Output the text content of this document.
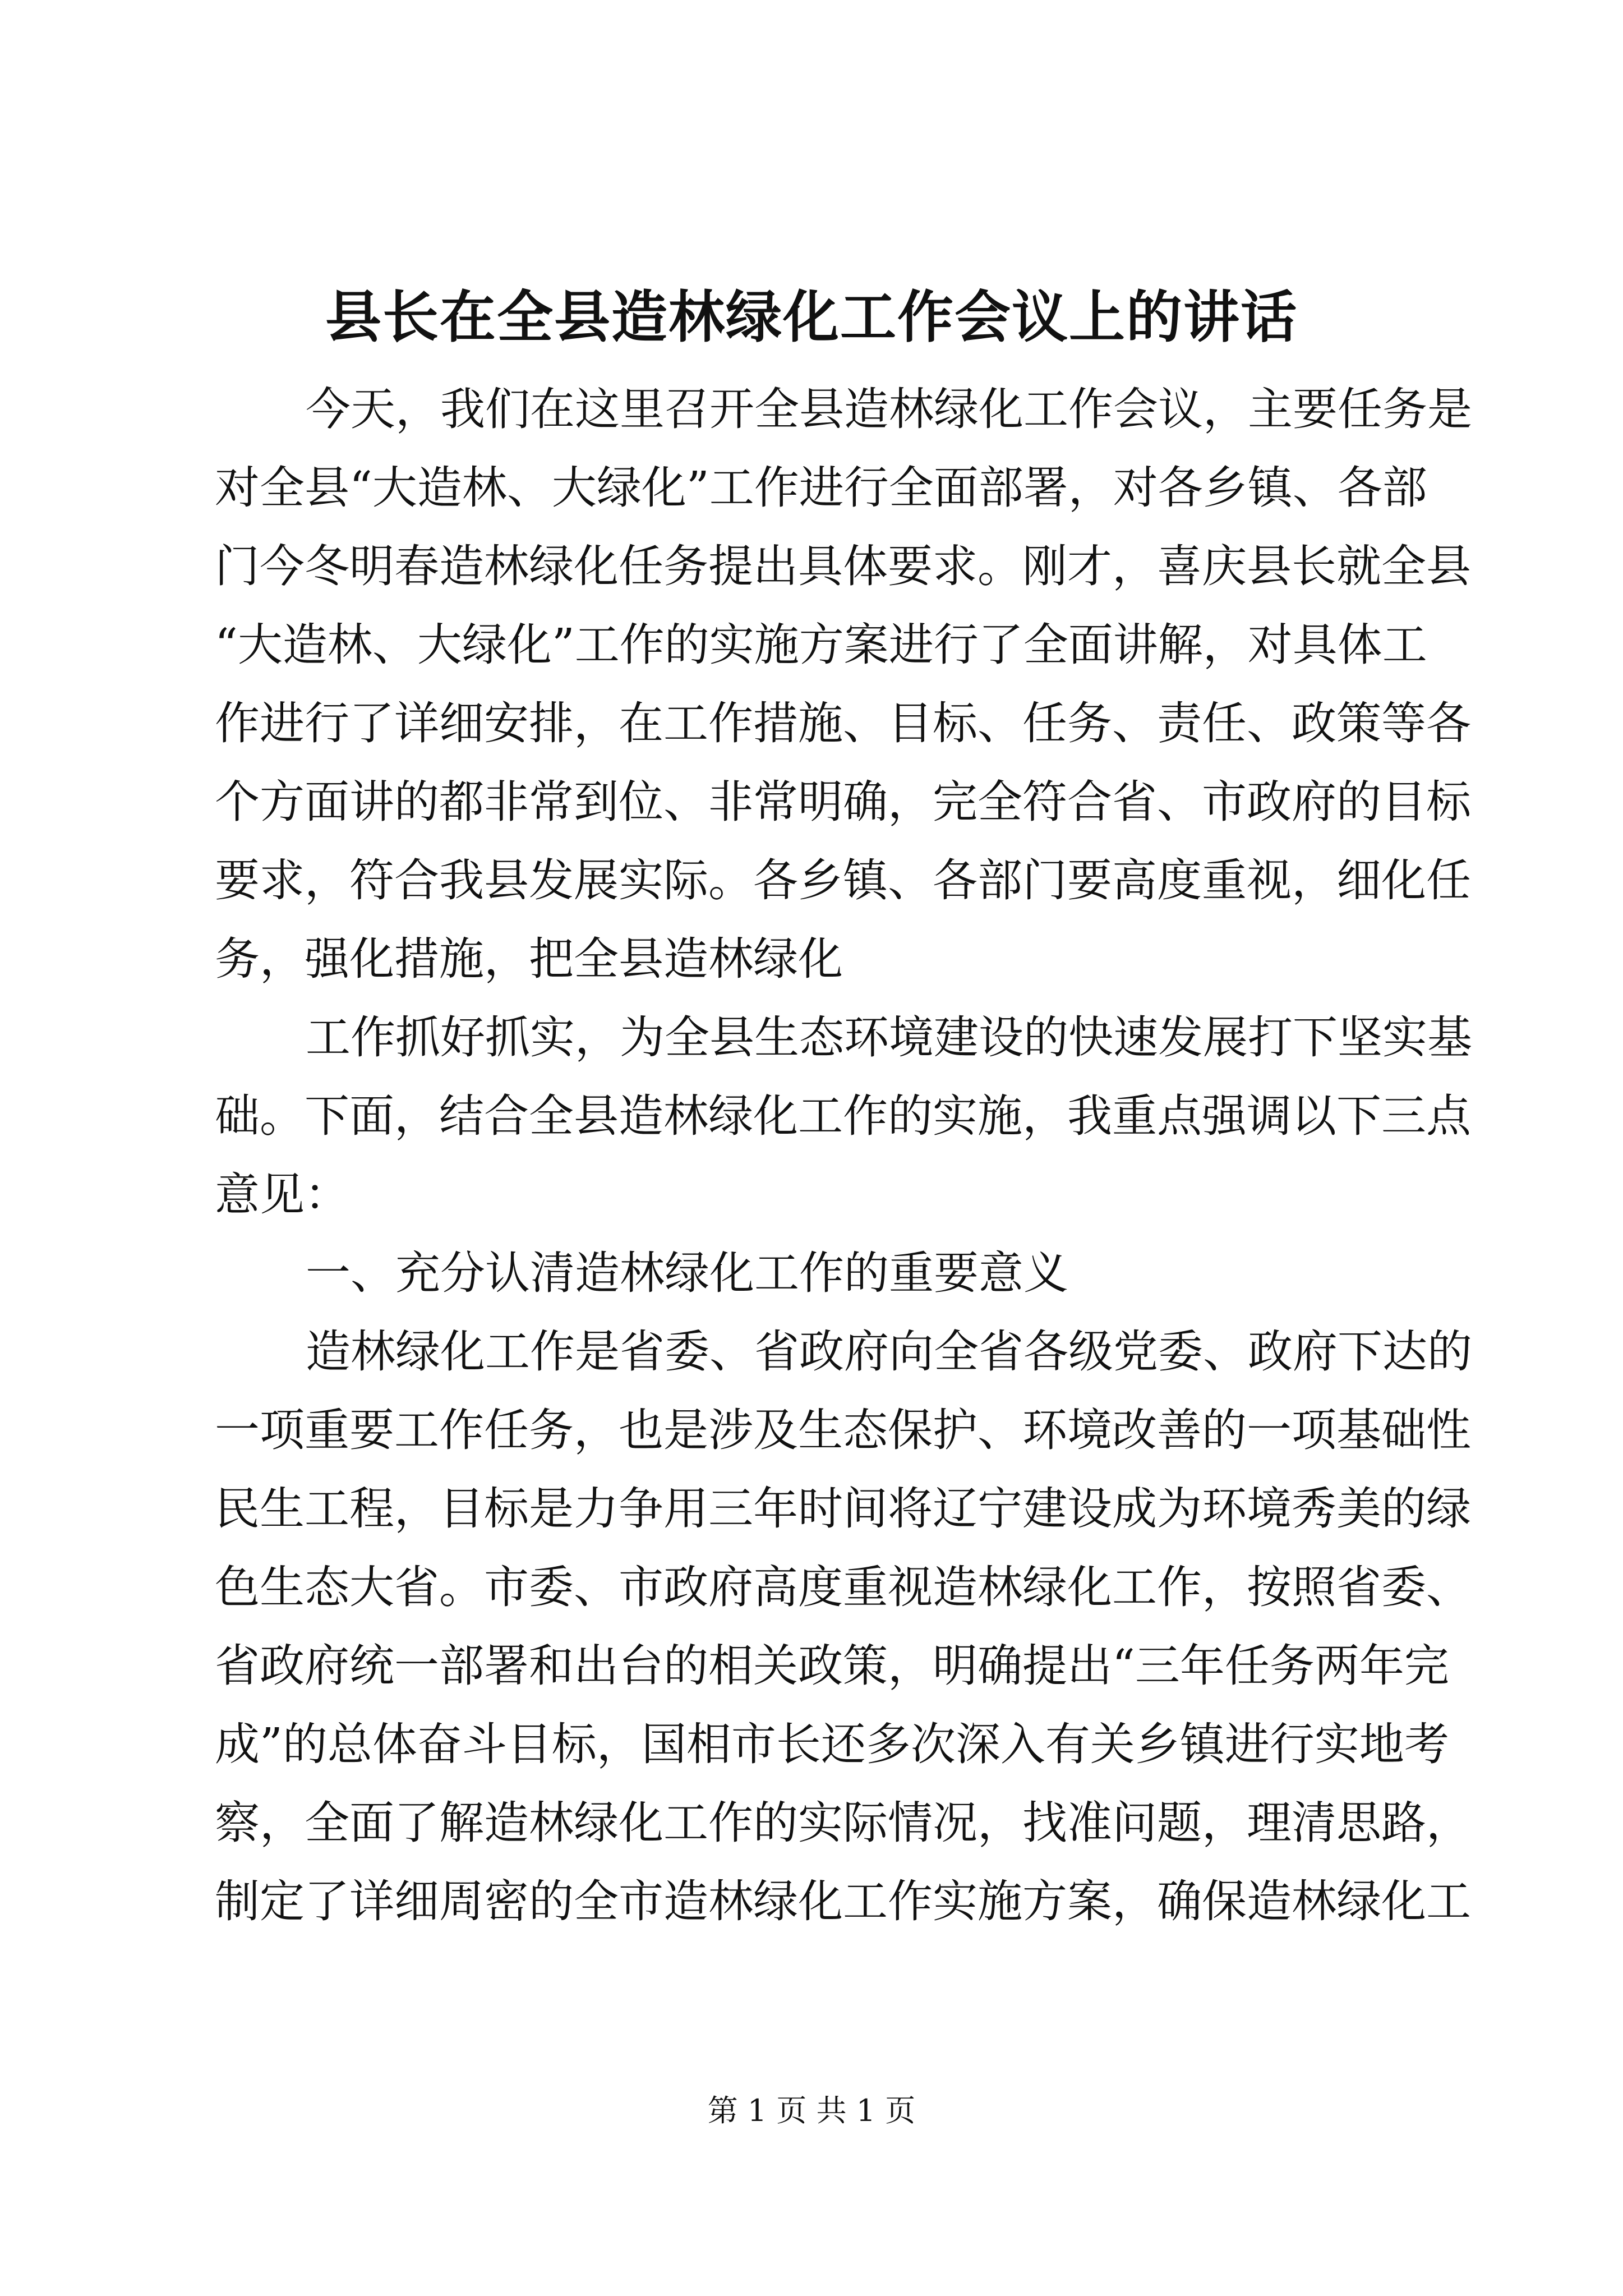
县长在全县造林绿化工作会议上的讲话
今天，我们在这里召开全县造林绿化工作会议，主要任务是
对全县“大造林、大绿化”工作进行全面部署，对各乡镇、各部
门今冬明春造林绿化任务提出具体要求。刚才，喜庆县长就全县
“大造林、大绿化”工作的实施方案进行了全面讲解，对具体工
作进行了详细安排，在工作措施、目标、任务、责任、政策等各
个方面讲的都非常到位、非常明确，完全符合省、市政府的目标
要求，符合我县发展实际。各乡镇、各部门要高度重视，细化任
务，强化措施，把全县造林绿化
工作抓好抓实，为全县生态环境建设的快速发展打下坚实基
础。下面，结合全县造林绿化工作的实施，我重点强调以下三点
意见：
一、充分认清造林绿化工作的重要意义
造林绿化工作是省委、省政府向全省各级党委、政府下达的
一项重要工作任务，也是涉及生态保护、环境改善的一项基础性
民生工程，目标是力争用三年时间将辽宁建设成为环境秀美的绿
色生态大省。市委、市政府高度重视造林绿化工作，按照省委、
省政府统一部署和出台的相关政策，明确提出“三年任务两年完
成”的总体奋斗目标，国相市长还多次深入有关乡镇进行实地考
察，全面了解造林绿化工作的实际情况，找准问题，理清思路，
制定了详细周密的全市造林绿化工作实施方案，确保造林绿化工
第 1 页 共 1 页
